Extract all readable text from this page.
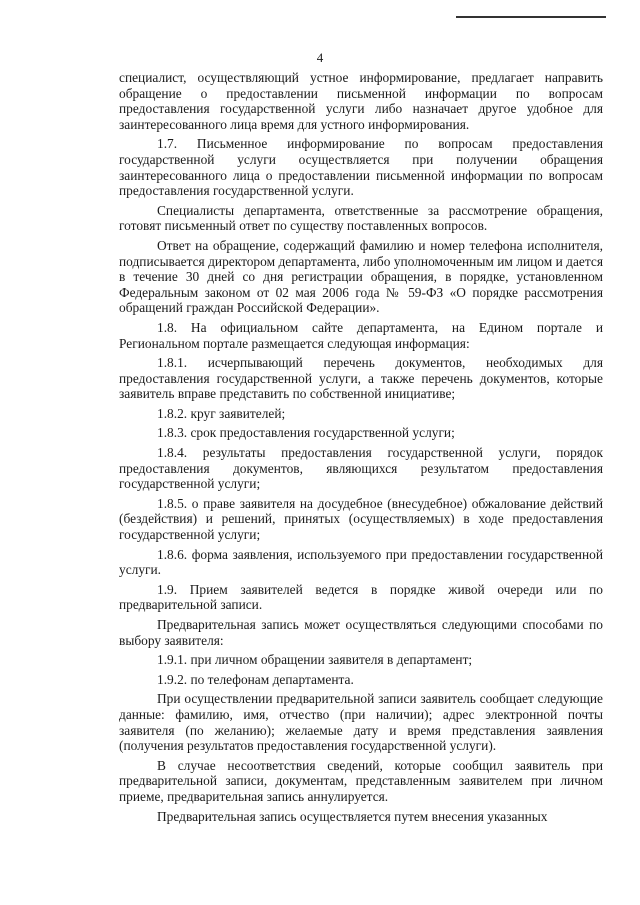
4

специалист, осуществляющий устное информирование, предлагает направить обращение о предоставлении письменной информации по вопросам предоставления государственной услуги либо назначает другое удобное для заинтересованного лица время для устного информирования.

1.7. Письменное информирование по вопросам предоставления государственной услуги осуществляется при получении обращения заинтересованного лица о предоставлении письменной информации по вопросам предоставления государственной услуги.

Специалисты департамента, ответственные за рассмотрение обращения, готовят письменный ответ по существу поставленных вопросов.

Ответ на обращение, содержащий фамилию и номер телефона исполнителя, подписывается директором департамента, либо уполномоченным им лицом и дается в течение 30 дней со дня регистрации обращения, в порядке, установленном Федеральным законом от 02 мая 2006 года № 59-ФЗ «О порядке рассмотрения обращений граждан Российской Федерации».

1.8. На официальном сайте департамента, на Едином портале и Региональном портале размещается следующая информация:

1.8.1. исчерпывающий перечень документов, необходимых для предоставления государственной услуги, а также перечень документов, которые заявитель вправе представить по собственной инициативе;

1.8.2. круг заявителей;

1.8.3. срок предоставления государственной услуги;

1.8.4. результаты предоставления государственной услуги, порядок предоставления документов, являющихся результатом предоставления государственной услуги;

1.8.5. о праве заявителя на досудебное (внесудебное) обжалование действий (бездействия) и решений, принятых (осуществляемых) в ходе предоставления государственной услуги;

1.8.6. форма заявления, используемого при предоставлении государственной услуги.

1.9. Прием заявителей ведется в порядке живой очереди или по предварительной записи.

Предварительная запись может осуществляться следующими способами по выбору заявителя:

1.9.1. при личном обращении заявителя в департамент;

1.9.2. по телефонам департамента.

При осуществлении предварительной записи заявитель сообщает следующие данные: фамилию, имя, отчество (при наличии); адрес электронной почты заявителя (по желанию); желаемые дату и время представления заявления (получения результатов предоставления государственной услуги).

В случае несоответствия сведений, которые сообщил заявитель при предварительной записи, документам, представленным заявителем при личном приеме, предварительная запись аннулируется.

Предварительная запись осуществляется путем внесения указанных
